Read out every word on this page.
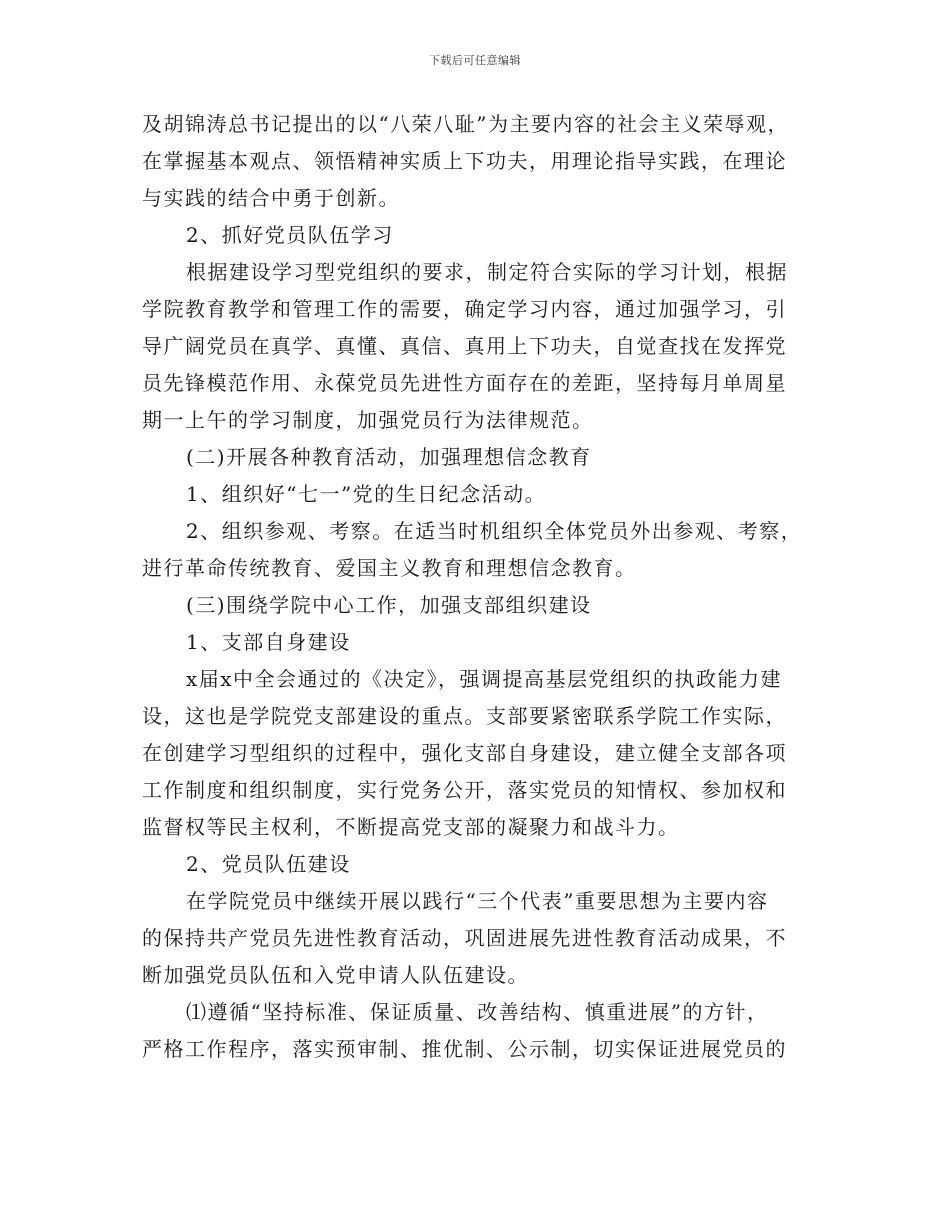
下载后可任意编辑
及胡锦涛总书记提出的以“八荣八耻”为主要内容的社会主义荣辱观，
在掌握基本观点、领悟精神实质上下功夫，用理论指导实践，在理论
与实践的结合中勇于创新。
2、抓好党员队伍学习
根据建设学习型党组织的要求，制定符合实际的学习计划，根据
学院教育教学和管理工作的需要，确定学习内容，通过加强学习，引
导广阔党员在真学、真懂、真信、真用上下功夫，自觉查找在发挥党
员先锋模范作用、永葆党员先进性方面存在的差距，坚持每月单周星
期一上午的学习制度，加强党员行为法律规范。
(二)开展各种教育活动，加强理想信念教育
1、组织好“七一”党的生日纪念活动。
2、组织参观、考察。在适当时机组织全体党员外出参观、考察，
进行革命传统教育、爱国主义教育和理想信念教育。
(三)围绕学院中心工作，加强支部组织建设
1、支部自身建设
x届x中全会通过的《决定》，强调提高基层党组织的执政能力建
设，这也是学院党支部建设的重点。支部要紧密联系学院工作实际，
在创建学习型组织的过程中，强化支部自身建设，建立健全支部各项
工作制度和组织制度，实行党务公开，落实党员的知情权、参加权和
监督权等民主权利，不断提高党支部的凝聚力和战斗力。
2、党员队伍建设
在学院党员中继续开展以践行“三个代表”重要思想为主要内容
的保持共产党员先进性教育活动，巩固进展先进性教育活动成果，不
断加强党员队伍和入党申请人队伍建设。
⑴遵循“坚持标准、保证质量、改善结构、慎重进展”的方针，
严格工作程序，落实预审制、推优制、公示制，切实保证进展党员的
